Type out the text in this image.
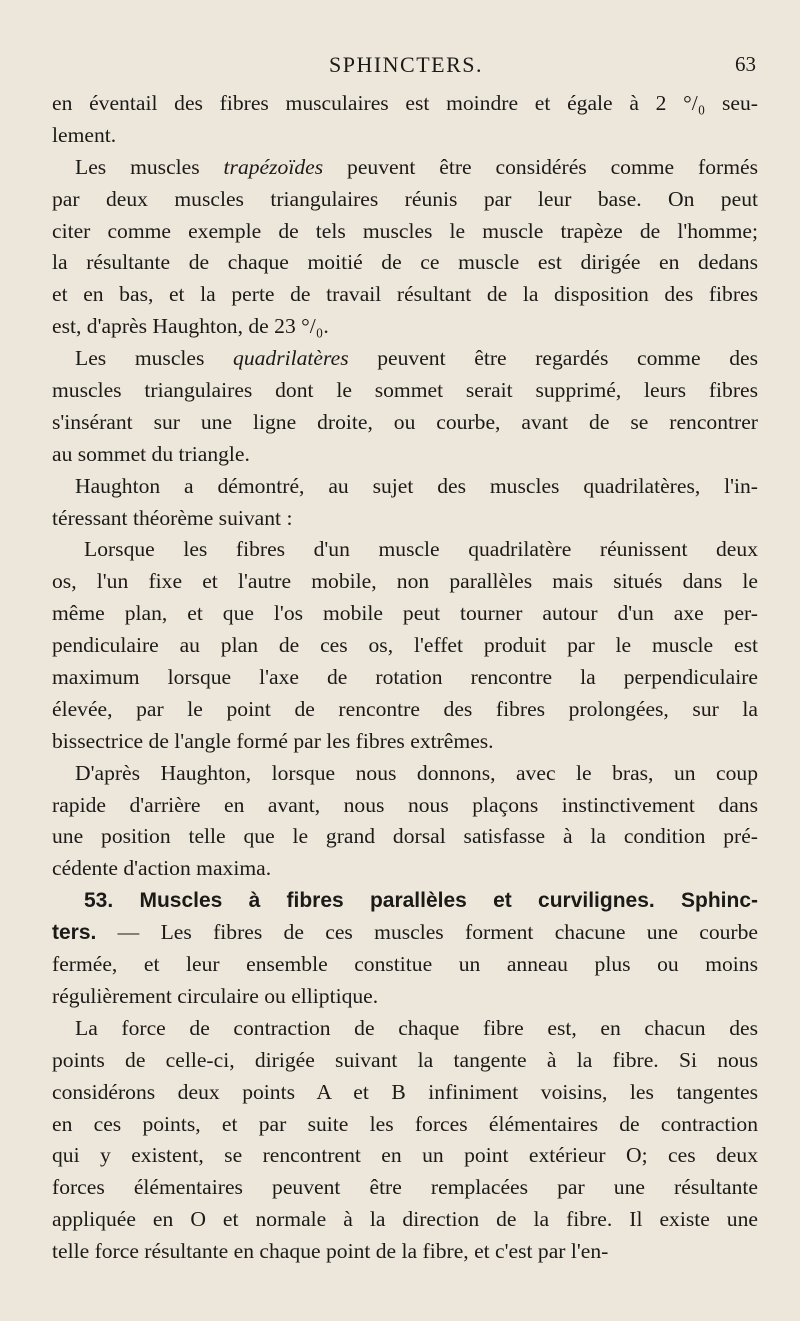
SPHINCTERS.	63
en éventail des fibres musculaires est moindre et égale à 2 °/₀ seu-
lement.
Les muscles trapézoïdes peuvent être considérés comme formés
par deux muscles triangulaires réunis par leur base. On peut
citer comme exemple de tels muscles le muscle trapèze de l'homme;
la résultante de chaque moitié de ce muscle est dirigée en dedans
et en bas, et la perte de travail résultant de la disposition des fibres
est, d'après Haughton, de 23 °/₀.
Les muscles quadrilatères peuvent être regardés comme des
muscles triangulaires dont le sommet serait supprimé, leurs fibres
s'insérant sur une ligne droite, ou courbe, avant de se rencontrer
au sommet du triangle.
Haughton a démontré, au sujet des muscles quadrilatères, l'in-
téressant théorème suivant :
Lorsque les fibres d'un muscle quadrilatère réunissent deux
os, l'un fixe et l'autre mobile, non parallèles mais situés dans le
même plan, et que l'os mobile peut tourner autour d'un axe per-
pendiculaire au plan de ces os, l'effet produit par le muscle est
maximum lorsque l'axe de rotation rencontre la perpendiculaire
élevée, par le point de rencontre des fibres prolongées, sur la
bissectrice de l'angle formé par les fibres extrêmes.
D'après Haughton, lorsque nous donnons, avec le bras, un coup
rapide d'arrière en avant, nous nous plaçons instinctivement dans
une position telle que le grand dorsal satisfasse à la condition pré-
cédente d'action maxima.
53. Muscles à fibres parallèles et curvilignes. Sphinc-
ters. — Les fibres de ces muscles forment chacune une courbe
fermée, et leur ensemble constitue un anneau plus ou moins
régulièrement circulaire ou elliptique.
La force de contraction de chaque fibre est, en chacun des
points de celle-ci, dirigée suivant la tangente à la fibre. Si nous
considérons deux points A et B infiniment voisins, les tangentes
en ces points, et par suite les forces élémentaires de contraction
qui y existent, se rencontrent en un point extérieur O; ces deux
forces élémentaires peuvent être remplacées par une résultante
appliquée en O et normale à la direction de la fibre. Il existe une
telle force résultante en chaque point de la fibre, et c'est par l'en-
